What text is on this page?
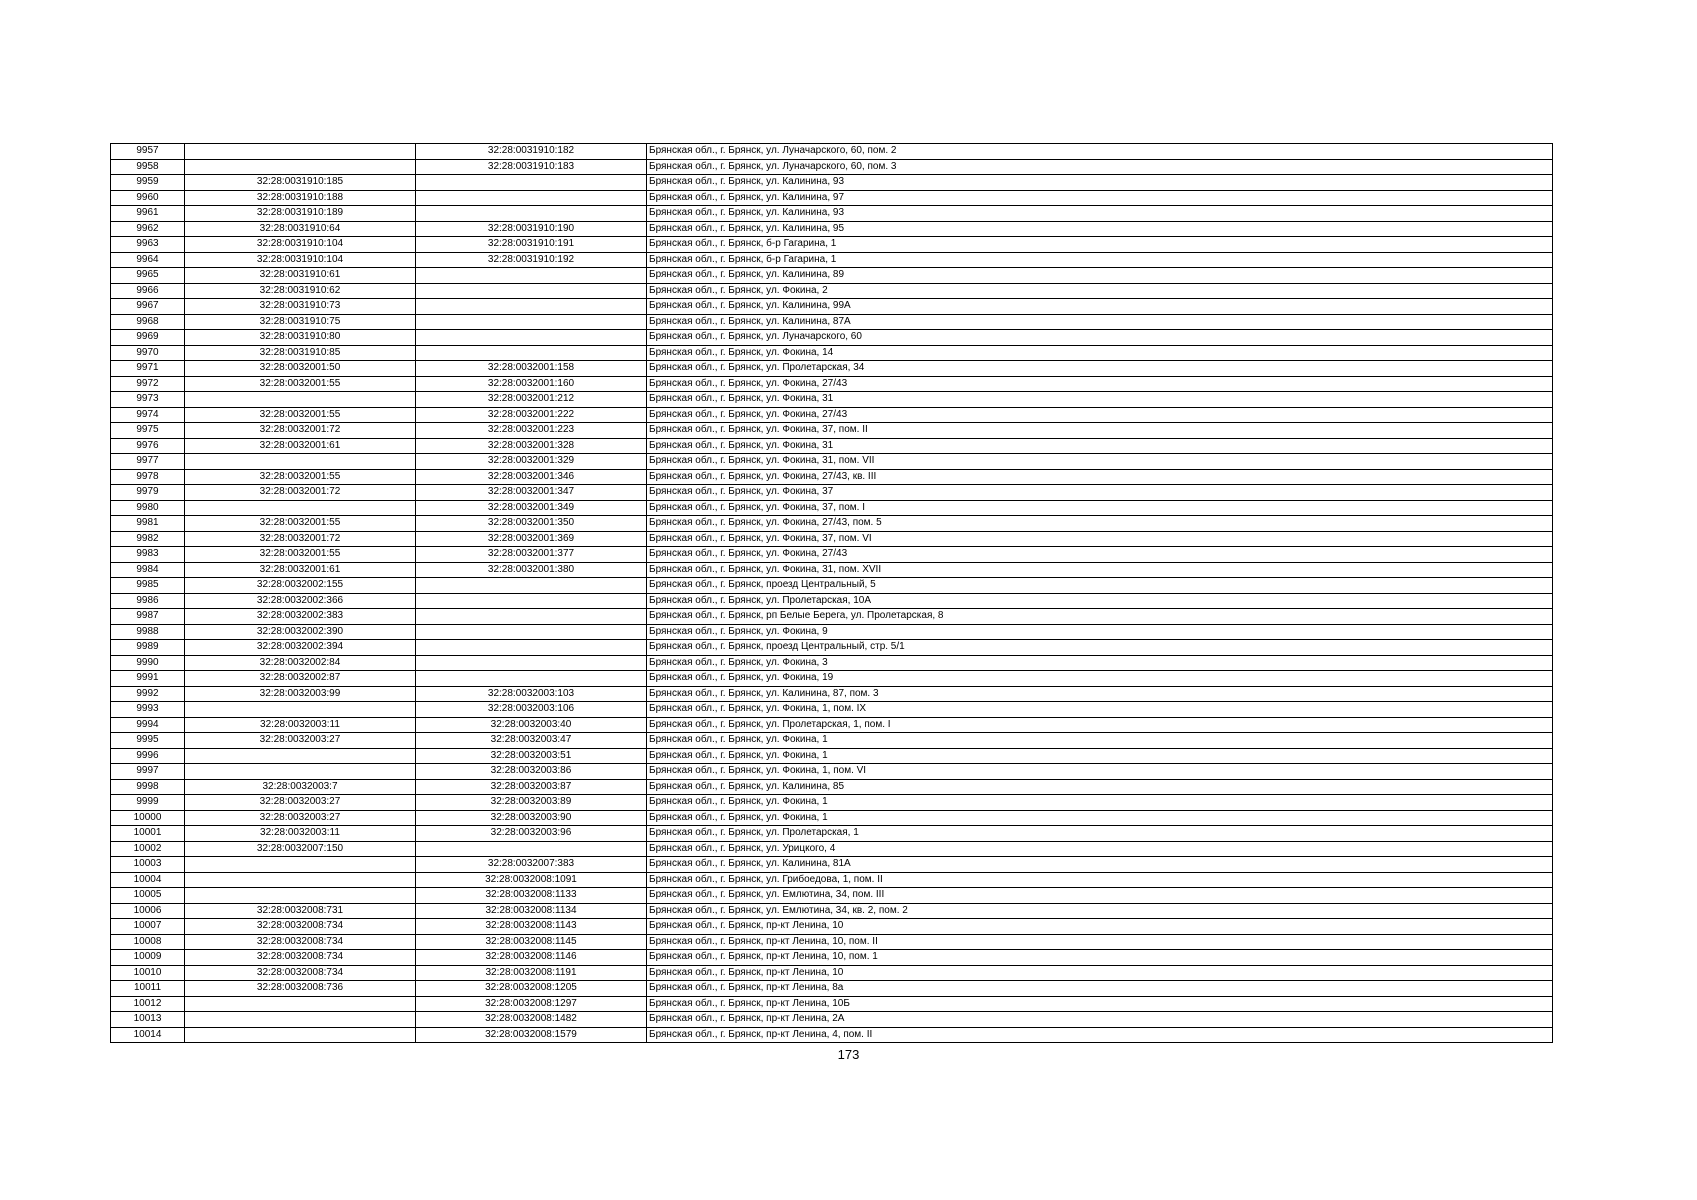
9957		32:28:0031910:182	Брянская обл., г. Брянск, ул. Луначарского, 60, пом. 2
9958		32:28:0031910:183	Брянская обл., г. Брянск, ул. Луначарского, 60, пом. 3
9959	32:28:0031910:185		Брянская обл., г. Брянск, ул. Калинина, 93
9960	32:28:0031910:188		Брянская обл., г. Брянск, ул. Калинина, 97
9961	32:28:0031910:189		Брянская обл., г. Брянск, ул. Калинина, 93
9962	32:28:0031910:64	32:28:0031910:190	Брянская обл., г. Брянск, ул. Калинина, 95
9963	32:28:0031910:104	32:28:0031910:191	Брянская обл., г. Брянск, б-р Гагарина, 1
9964	32:28:0031910:104	32:28:0031910:192	Брянская обл., г. Брянск, б-р Гагарина, 1
9965	32:28:0031910:61		Брянская обл., г. Брянск, ул. Калинина, 89
9966	32:28:0031910:62		Брянская обл., г. Брянск, ул. Фокина, 2
9967	32:28:0031910:73		Брянская обл., г. Брянск, ул. Калинина, 99А
9968	32:28:0031910:75		Брянская обл., г. Брянск, ул. Калинина, 87А
9969	32:28:0031910:80		Брянская обл., г. Брянск, ул. Луначарского, 60
9970	32:28:0031910:85		Брянская обл., г. Брянск, ул. Фокина, 14
9971	32:28:0032001:50	32:28:0032001:158	Брянская обл., г. Брянск, ул. Пролетарская, 34
9972	32:28:0032001:55	32:28:0032001:160	Брянская обл., г. Брянск, ул. Фокина, 27/43
9973		32:28:0032001:212	Брянская обл., г. Брянск, ул. Фокина, 31
9974	32:28:0032001:55	32:28:0032001:222	Брянская обл., г. Брянск, ул. Фокина, 27/43
9975	32:28:0032001:72	32:28:0032001:223	Брянская обл., г. Брянск, ул. Фокина, 37, пом. II
9976	32:28:0032001:61	32:28:0032001:328	Брянская обл., г. Брянск, ул. Фокина, 31
9977		32:28:0032001:329	Брянская обл., г. Брянск, ул. Фокина, 31, пом. VII
9978	32:28:0032001:55	32:28:0032001:346	Брянская обл., г. Брянск, ул. Фокина, 27/43, кв. III
9979	32:28:0032001:72	32:28:0032001:347	Брянская обл., г. Брянск, ул. Фокина, 37
9980		32:28:0032001:349	Брянская обл., г. Брянск, ул. Фокина, 37, пом. I
9981	32:28:0032001:55	32:28:0032001:350	Брянская обл., г. Брянск, ул. Фокина, 27/43, пом. 5
9982	32:28:0032001:72	32:28:0032001:369	Брянская обл., г. Брянск, ул. Фокина, 37, пом. VI
9983	32:28:0032001:55	32:28:0032001:377	Брянская обл., г. Брянск, ул. Фокина, 27/43
9984	32:28:0032001:61	32:28:0032001:380	Брянская обл., г. Брянск, ул. Фокина, 31, пом. XVII
9985	32:28:0032002:155		Брянская обл., г. Брянск, проезд Центральный, 5
9986	32:28:0032002:366		Брянская обл., г. Брянск, ул. Пролетарская, 10А
9987	32:28:0032002:383		Брянская обл., г. Брянск, рп Белые Берега, ул. Пролетарская, 8
9988	32:28:0032002:390		Брянская обл., г. Брянск, ул. Фокина, 9
9989	32:28:0032002:394		Брянская обл., г. Брянск, проезд Центральный, стр. 5/1
9990	32:28:0032002:84		Брянская обл., г. Брянск, ул. Фокина, 3
9991	32:28:0032002:87		Брянская обл., г. Брянск, ул. Фокина, 19
9992	32:28:0032003:99	32:28:0032003:103	Брянская обл., г. Брянск, ул. Калинина, 87, пом. 3
9993		32:28:0032003:106	Брянская обл., г. Брянск, ул. Фокина, 1, пом. IX
9994	32:28:0032003:11	32:28:0032003:40	Брянская обл., г. Брянск, ул. Пролетарская, 1, пом. I
9995	32:28:0032003:27	32:28:0032003:47	Брянская обл., г. Брянск, ул. Фокина, 1
9996		32:28:0032003:51	Брянская обл., г. Брянск, ул. Фокина, 1
9997		32:28:0032003:86	Брянская обл., г. Брянск, ул. Фокина, 1, пом. VI
9998	32:28:0032003:7	32:28:0032003:87	Брянская обл., г. Брянск, ул. Калинина, 85
9999	32:28:0032003:27	32:28:0032003:89	Брянская обл., г. Брянск, ул. Фокина, 1
10000	32:28:0032003:27	32:28:0032003:90	Брянская обл., г. Брянск, ул. Фокина, 1
10001	32:28:0032003:11	32:28:0032003:96	Брянская обл., г. Брянск, ул. Пролетарская, 1
10002	32:28:0032007:150		Брянская обл., г. Брянск, ул. Урицкого, 4
10003		32:28:0032007:383	Брянская обл., г. Брянск, ул. Калинина, 81А
10004		32:28:0032008:1091	Брянская обл., г. Брянск, ул. Грибоедова, 1, пом. II
10005		32:28:0032008:1133	Брянская обл., г. Брянск, ул. Емлютина, 34, пом. III
10006	32:28:0032008:731	32:28:0032008:1134	Брянская обл., г. Брянск, ул. Емлютина, 34, кв. 2, пом. 2
10007	32:28:0032008:734	32:28:0032008:1143	Брянская обл., г. Брянск, пр-кт Ленина, 10
10008	32:28:0032008:734	32:28:0032008:1145	Брянская обл., г. Брянск, пр-кт Ленина, 10, пом. II
10009	32:28:0032008:734	32:28:0032008:1146	Брянская обл., г. Брянск, пр-кт Ленина, 10, пом. 1
10010	32:28:0032008:734	32:28:0032008:1191	Брянская обл., г. Брянск, пр-кт Ленина, 10
10011	32:28:0032008:736	32:28:0032008:1205	Брянская обл., г. Брянск, пр-кт Ленина, 8а
10012		32:28:0032008:1297	Брянская обл., г. Брянск, пр-кт Ленина, 10Б
10013		32:28:0032008:1482	Брянская обл., г. Брянск, пр-кт Ленина, 2А
10014		32:28:0032008:1579	Брянская обл., г. Брянск, пр-кт Ленина, 4, пом. II
173
